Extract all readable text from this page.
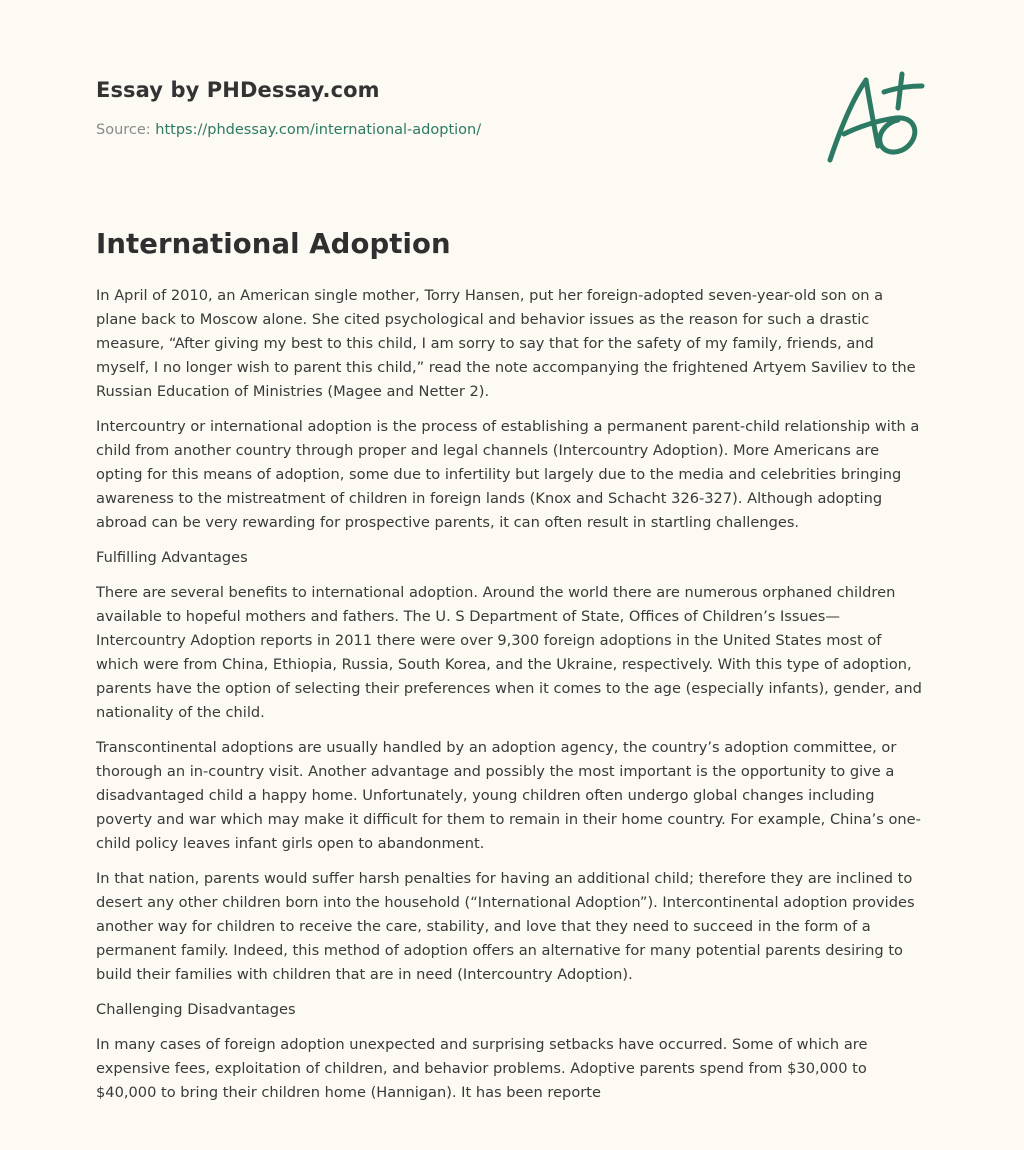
Essay by PHDessay.com
Source: https://phdessay.com/international-adoption/
International Adoption

In April of 2010, an American single mother, Torry Hansen, put her foreign-adopted seven-year-old son on a plane back to Moscow alone. She cited psychological and behavior issues as the reason for such a drastic measure, “After giving my best to this child, I am sorry to say that for the safety of my family, friends, and myself, I no longer wish to parent this child,” read the note accompanying the frightened Artyem Saviliev to the Russian Education of Ministries (Magee and Netter 2).

Intercountry or international adoption is the process of establishing a permanent parent-child relationship with a child from another country through proper and legal channels (Intercountry Adoption). More Americans are opting for this means of adoption, some due to infertility but largely due to the media and celebrities bringing awareness to the mistreatment of children in foreign lands (Knox and Schacht 326-327). Although adopting abroad can be very rewarding for prospective parents, it can often result in startling challenges.

Fulfilling Advantages

There are several benefits to international adoption. Around the world there are numerous orphaned children available to hopeful mothers and fathers. The U. S Department of State, Offices of Children’s Issues— Intercountry Adoption reports in 2011 there were over 9,300 foreign adoptions in the United States most of which were from China, Ethiopia, Russia, South Korea, and the Ukraine, respectively. With this type of adoption, parents have the option of selecting their preferences when it comes to the age (especially infants), gender, and nationality of the child.

Transcontinental adoptions are usually handled by an adoption agency, the country’s adoption committee, or thorough an in-country visit. Another advantage and possibly the most important is the opportunity to give a disadvantaged child a happy home. Unfortunately, young children often undergo global changes including poverty and war which may make it difficult for them to remain in their home country. For example, China’s one-child policy leaves infant girls open to abandonment.

In that nation, parents would suffer harsh penalties for having an additional child; therefore they are inclined to desert any other children born into the household (“International Adoption”). Intercontinental adoption provides another way for children to receive the care, stability, and love that they need to succeed in the form of a permanent family. Indeed, this method of adoption offers an alternative for many potential parents desiring to build their families with children that are in need (Intercountry Adoption).

Challenging Disadvantages

In many cases of foreign adoption unexpected and surprising setbacks have occurred. Some of which are expensive fees, exploitation of children, and behavior problems. Adoptive parents spend from $30,000 to $40,000 to bring their children home (Hannigan). It has been reporte
